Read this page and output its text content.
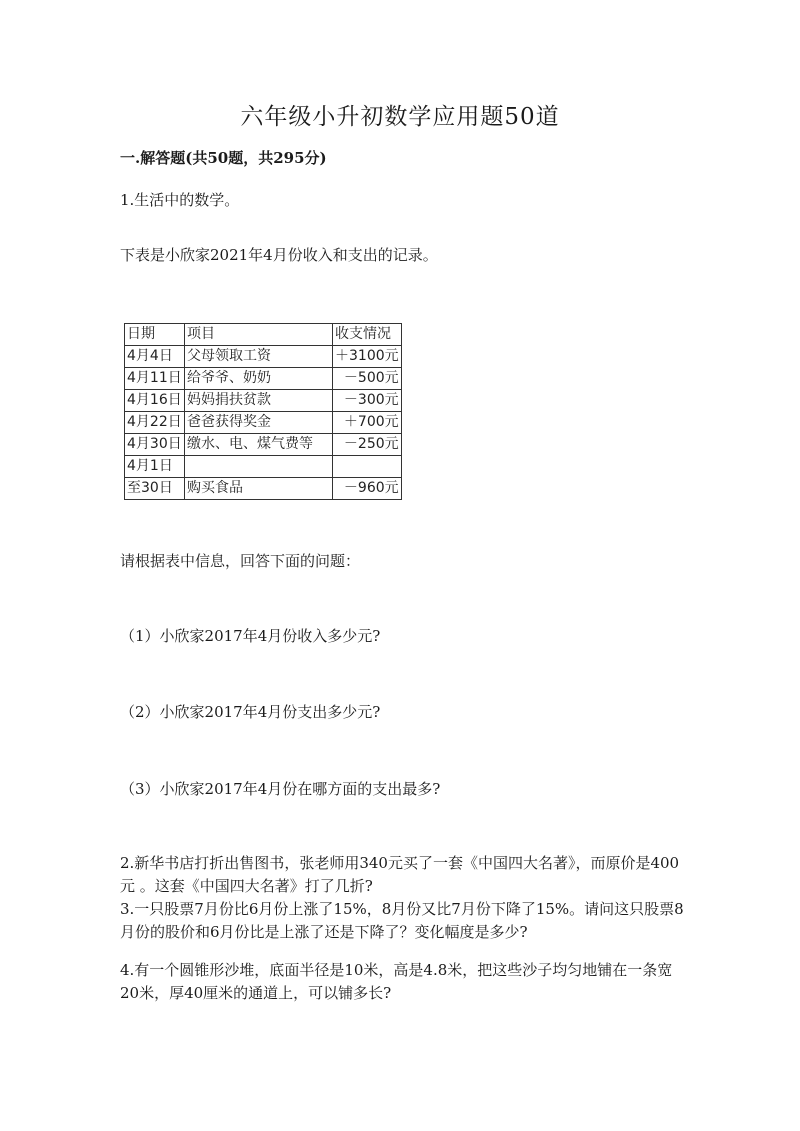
六年级小升初数学应用题50道
一.解答题(共50题，共295分)
1.生活中的数学。
下表是小欣家2021年4月份收入和支出的记录。
日期	项目	收支情况
4月4日	父母领取工资	＋3100元
4月11日	给爷爷、奶奶	－500元
4月16日	妈妈捐扶贫款	－300元
4月22日	爸爸获得奖金	＋700元
4月30日	缴水、电、煤气费等	－250元
4月1日		
至30日	购买食品	－960元
请根据表中信息，回答下面的问题：
（1）小欣家2017年4月份收入多少元?
（2）小欣家2017年4月份支出多少元?
（3）小欣家2017年4月份在哪方面的支出最多?
2.新华书店打折出售图书，张老师用340元买了一套《中国四大名著》，而原价是400元 。这套《中国四大名著》打了几折?
3.一只股票7月份比6月份上涨了15%，8月份又比7月份下降了15%。请问这只股票8月份的股价和6月份比是上涨了还是下降了？变化幅度是多少?
4.有一个圆锥形沙堆，底面半径是10米，高是4.8米，把这些沙子均匀地铺在一条宽20米，厚40厘米的通道上，可以铺多长?
